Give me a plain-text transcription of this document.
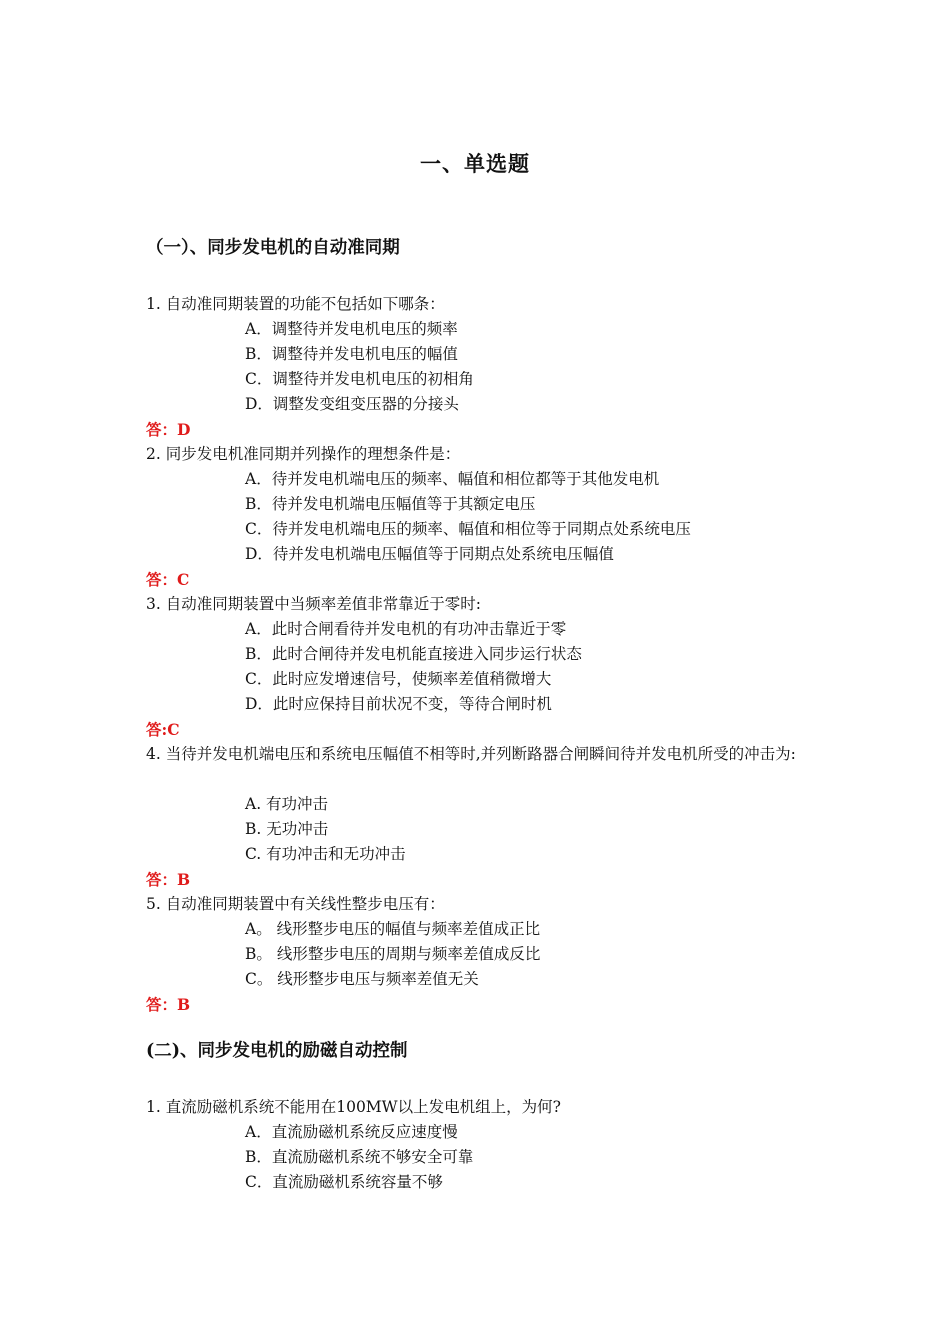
一、单选题
（一）、同步发电机的自动准同期
1. 自动准同期装置的功能不包括如下哪条：
A．调整待并发电机电压的频率
B．调整待并发电机电压的幅值
C．调整待并发电机电压的初相角
D．调整发变组变压器的分接头
答：D
2. 同步发电机准同期并列操作的理想条件是：
A．待并发电机端电压的频率、幅值和相位都等于其他发电机
B．待并发电机端电压幅值等于其额定电压
C．待并发电机端电压的频率、幅值和相位等于同期点处系统电压
D．待并发电机端电压幅值等于同期点处系统电压幅值
答：C
3. 自动准同期装置中当频率差值非常靠近于零时:
A．此时合闸看待并发电机的有功冲击靠近于零
B．此时合闸待并发电机能直接进入同步运行状态
C．此时应发增速信号，使频率差值稍微增大
D．此时应保持目前状况不变，等待合闸时机
答:C
4. 当待并发电机端电压和系统电压幅值不相等时,并列断路器合闸瞬间待并发电机所受的冲击为:
A. 有功冲击
B. 无功冲击
C. 有功冲击和无功冲击
答：B
5. 自动准同期装置中有关线性整步电压有：
A。 线形整步电压的幅值与频率差值成正比
B。 线形整步电压的周期与频率差值成反比
C。 线形整步电压与频率差值无关
答：B
(二)、同步发电机的励磁自动控制
1. 直流励磁机系统不能用在100MW以上发电机组上，为何?
A．直流励磁机系统反应速度慢
B．直流励磁机系统不够安全可靠
C．直流励磁机系统容量不够
